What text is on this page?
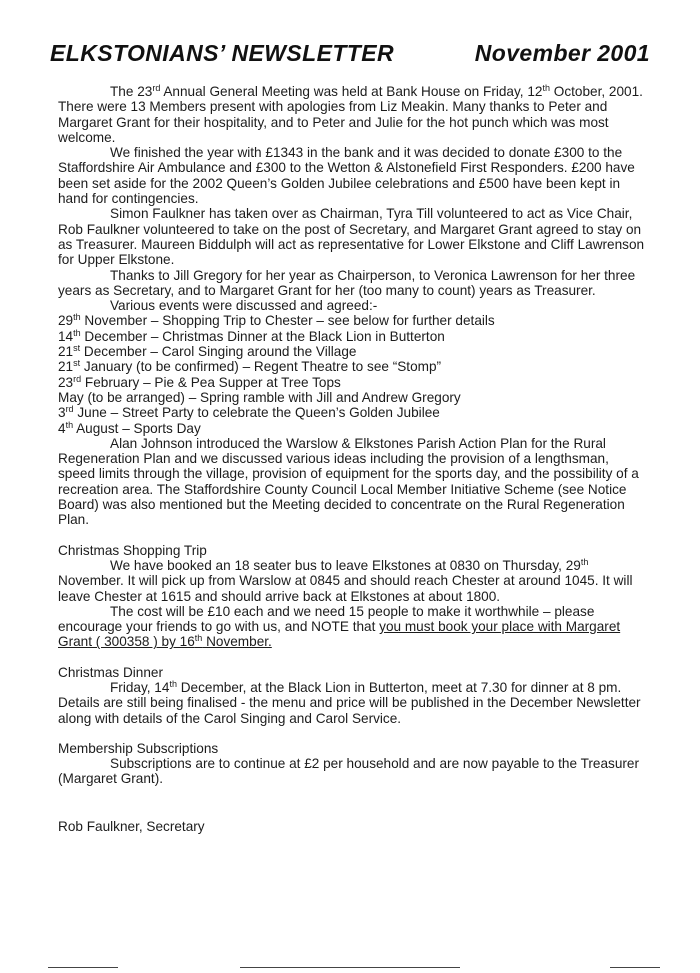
ELKSTONIANS’ NEWSLETTER	November 2001

The 23rd Annual General Meeting was held at Bank House on Friday, 12th October, 2001. There were 13 Members present with apologies from Liz Meakin. Many thanks to Peter and Margaret Grant for their hospitality, and to Peter and Julie for the hot punch which was most welcome.

We finished the year with £1343 in the bank and it was decided to donate £300 to the Staffordshire Air Ambulance and £300 to the Wetton & Alstonefield First Responders. £200 have been set aside for the 2002 Queen’s Golden Jubilee celebrations and £500 have been kept in hand for contingencies.

Simon Faulkner has taken over as Chairman, Tyra Till volunteered to act as Vice Chair, Rob Faulkner volunteered to take on the post of Secretary, and Margaret Grant agreed to stay on as Treasurer. Maureen Biddulph will act as representative for Lower Elkstone and Cliff Lawrenson for Upper Elkstone.

Thanks to Jill Gregory for her year as Chairperson, to Veronica Lawrenson for her three years as Secretary, and to Margaret Grant for her (too many to count) years as Treasurer.

Various events were discussed and agreed:-

29th November – Shopping Trip to Chester – see below for further details

14th December – Christmas Dinner at the Black Lion in Butterton

21st December – Carol Singing around the Village

21st January (to be confirmed) – Regent Theatre to see “Stomp”

23rd February – Pie & Pea Supper at Tree Tops

May (to be arranged) – Spring ramble with Jill and Andrew Gregory

3rd June – Street Party to celebrate the Queen’s Golden Jubilee

4th August – Sports Day

Alan Johnson introduced the Warslow & Elkstones Parish Action Plan for the Rural Regeneration Plan and we discussed various ideas including the provision of a lengthsman, speed limits through the village, provision of equipment for the sports day, and the possibility of a recreation area. The Staffordshire County Council Local Member Initiative Scheme (see Notice Board) was also mentioned but the Meeting decided to concentrate on the Rural Regeneration Plan.

Christmas Shopping Trip

We have booked an 18 seater bus to leave Elkstones at 0830 on Thursday, 29th November. It will pick up from Warslow at 0845 and should reach Chester at around 1045. It will leave Chester at 1615 and should arrive back at Elkstones at about 1800.

The cost will be £10 each and we need 15 people to make it worthwhile – please encourage your friends to go with us, and NOTE that you must book your place with Margaret Grant ( 300358 ) by 16th November.

Christmas Dinner

Friday, 14th December, at the Black Lion in Butterton, meet at 7.30 for dinner at 8 pm. Details are still being finalised - the menu and price will be published in the December Newsletter along with details of the Carol Singing and Carol Service.

Membership Subscriptions

Subscriptions are to continue at £2 per household and are now payable to the Treasurer (Margaret Grant).

Rob Faulkner, Secretary
